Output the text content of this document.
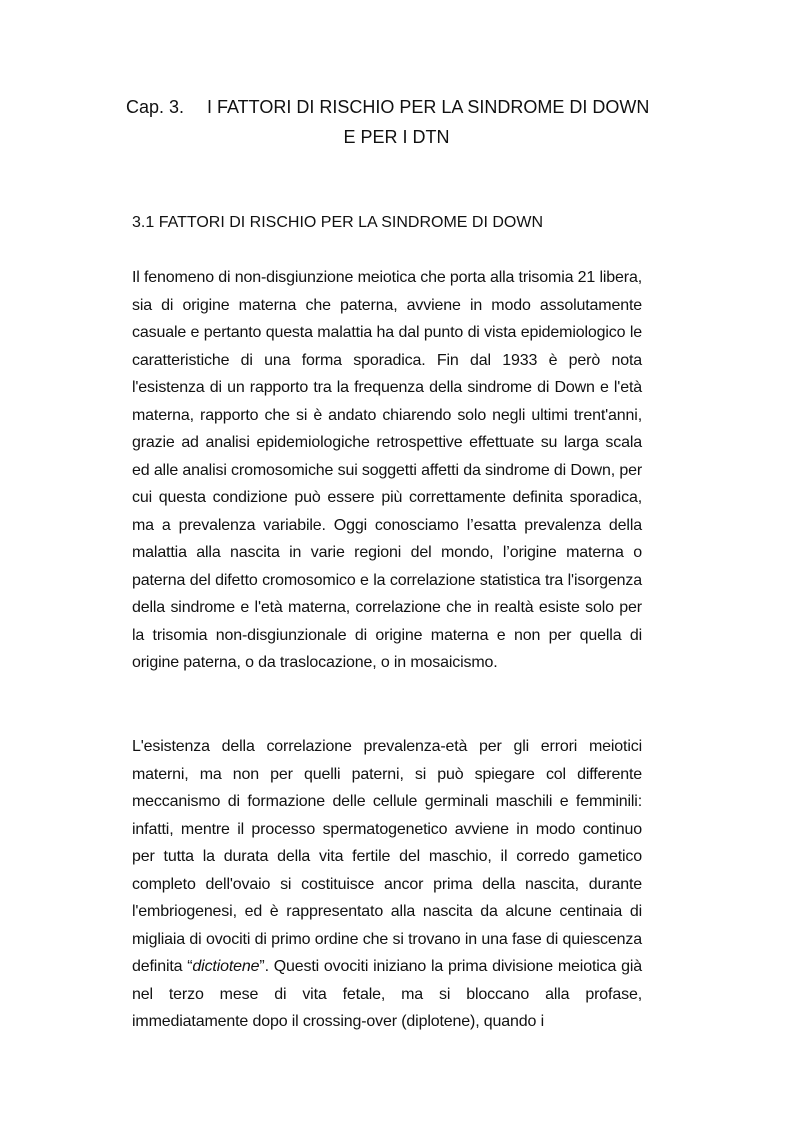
Cap. 3. I FATTORI DI RISCHIO PER LA SINDROME DI DOWN
E PER I DTN
3.1 FATTORI DI RISCHIO PER LA SINDROME DI DOWN

Il fenomeno di non-disgiunzione meiotica che porta alla trisomia 21 libera, sia di origine materna che paterna, avviene in modo assolutamente casuale e pertanto questa malattia ha dal punto di vista epidemiologico le caratteristiche di una forma sporadica. Fin dal 1933 è però nota l'esistenza di un rapporto tra la frequenza della sindrome di Down e l'età materna, rapporto che si è andato chiarendo solo negli ultimi trent'anni, grazie ad analisi epidemiologiche retrospettive effettuate su larga scala ed alle analisi cromosomiche sui soggetti affetti da sindrome di Down, per cui questa condizione può essere più correttamente definita sporadica, ma a prevalenza variabile. Oggi conosciamo l’esatta prevalenza della malattia alla nascita in varie regioni del mondo, l’origine materna o paterna del difetto cromosomico e la correlazione statistica tra l'isorgenza della sindrome e l'età materna, correlazione che in realtà esiste solo per la trisomia non-disgiunzionale di origine materna e non per quella di origine paterna, o da traslocazione, o in mosaicismo.

L'esistenza della correlazione prevalenza-età per gli errori meiotici materni, ma non per quelli paterni, si può spiegare col differente meccanismo di formazione delle cellule germinali maschili e femminili: infatti, mentre il processo spermatogenetico avviene in modo continuo per tutta la durata della vita fertile del maschio, il corredo gametico completo dell'ovaio si costituisce ancor prima della nascita, durante l'embriogenesi, ed è rappresentato alla nascita da alcune centinaia di migliaia di ovociti di primo ordine che si trovano in una fase di quiescenza definita “dictiotene”. Questi ovociti iniziano la prima divisione meiotica già nel terzo mese di vita fetale, ma si bloccano alla profase, immediatamente dopo il crossing-over (diplotene), quando i
